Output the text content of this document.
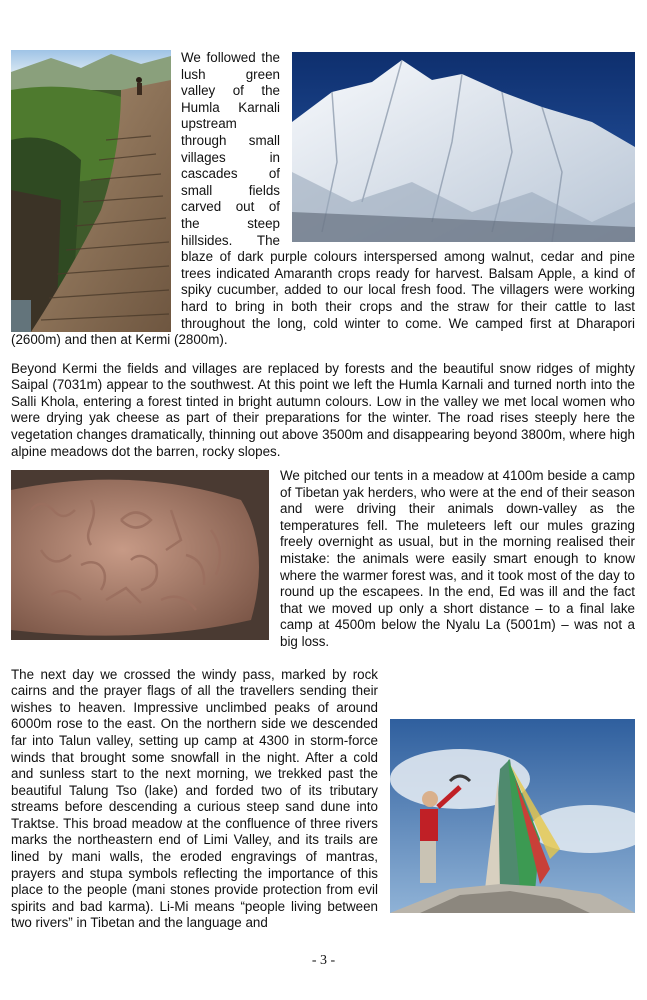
We followed the lush green valley of the Humla Karnali upstream through small villages in cascades of small fields carved out of the steep hillsides. The blaze of dark purple colours interspersed among walnut, cedar and pine trees indicated Amaranth crops ready for harvest. Balsam Apple, a kind of spiky cucumber, added to our local fresh food. The villagers were working hard to bring in both their crops and the straw for their cattle to last throughout the long, cold winter to come. We camped first at Dharapori (2600m) and then at Kermi (2800m).

Beyond Kermi the fields and villages are replaced by forests and the beautiful snow ridges of mighty Saipal (7031m) appear to the southwest. At this point we left the Humla Karnali and turned north into the Salli Khola, entering a forest tinted in bright autumn colours. Low in the valley we met local women who were drying yak cheese as part of their preparations for the winter. The road rises steeply here the vegetation changes dramatically, thinning out above 3500m and disappearing beyond 3800m, where high alpine meadows dot the barren, rocky slopes.

We pitched our tents in a meadow at 4100m beside a camp of Tibetan yak herders, who were at the end of their season and were driving their animals down-valley as the temperatures fell. The muleteers left our mules grazing freely overnight as usual, but in the morning realised their mistake: the animals were easily smart enough to know where the warmer forest was, and it took most of the day to round up the escapees. In the end, Ed was ill and the fact that we moved up only a short distance – to a final lake camp at 4500m below the Nyalu La (5001m) – was not a big loss.

The next day we crossed the windy pass, marked by rock cairns and the prayer flags of all the travellers sending their wishes to heaven. Impressive unclimbed peaks of around 6000m rose to the east. On the northern side we descended far into Talun valley, setting up camp at 4300 in storm-force winds that brought some snowfall in the night. After a cold and sunless start to the next morning, we trekked past the beautiful Talung Tso (lake) and forded two of its tributary streams before descending a curious steep sand dune into Traktse. This broad meadow at the confluence of three rivers marks the northeastern end of Limi Valley, and its trails are lined by mani walls, the eroded engravings of mantras, prayers and stupa symbols reflecting the importance of this place to the people (mani stones provide protection from evil spirits and bad karma). Li-Mi means “people living between two rivers” in Tibetan and the language and

- 3 -
